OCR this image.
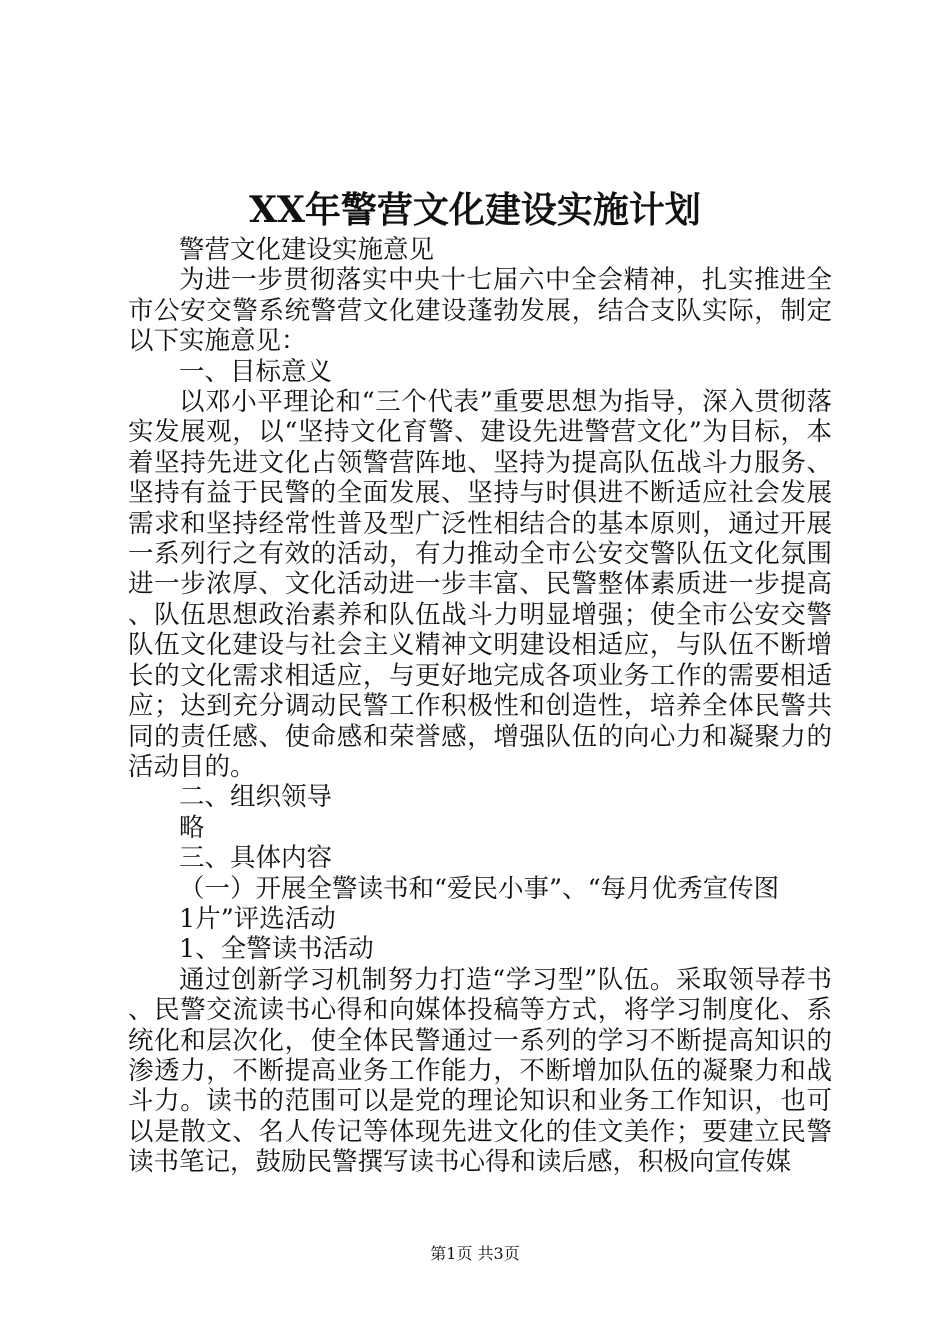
XX年警营文化建设实施计划

警营文化建设实施意见

为进一步贯彻落实中央十七届六中全会精神，扎实推进全市公安交警系统警营文化建设蓬勃发展，结合支队实际，制定以下实施意见：

一、目标意义

以邓小平理论和“三个代表”重要思想为指导，深入贯彻落实发展观，以“坚持文化育警、建设先进警营文化”为目标，本着坚持先进文化占领警营阵地、坚持为提高队伍战斗力服务、坚持有益于民警的全面发展、坚持与时俱进不断适应社会发展需求和坚持经常性普及型广泛性相结合的基本原则，通过开展一系列行之有效的活动，有力推动全市公安交警队伍文化氛围进一步浓厚、文化活动进一步丰富、民警整体素质进一步提高、队伍思想政治素养和队伍战斗力明显增强；使全市公安交警队伍文化建设与社会主义精神文明建设相适应，与队伍不断增长的文化需求相适应，与更好地完成各项业务工作的需要相适应；达到充分调动民警工作积极性和创造性，培养全体民警共同的责任感、使命感和荣誉感，增强队伍的向心力和凝聚力的活动目的。

二、组织领导

略

三、具体内容

（一）开展全警读书和“爱民小事”、“每月优秀宣传图

1片”评选活动

1、全警读书活动

通过创新学习机制努力打造“学习型”队伍。采取领导荐书、民警交流读书心得和向媒体投稿等方式，将学习制度化、系统化和层次化，使全体民警通过一系列的学习不断提高知识的渗透力，不断提高业务工作能力，不断增加队伍的凝聚力和战斗力。读书的范围可以是党的理论知识和业务工作知识，也可以是散文、名人传记等体现先进文化的佳文美作；要建立民警读书笔记，鼓励民警撰写读书心得和读后感，积极向宣传媒

第1页 共3页
